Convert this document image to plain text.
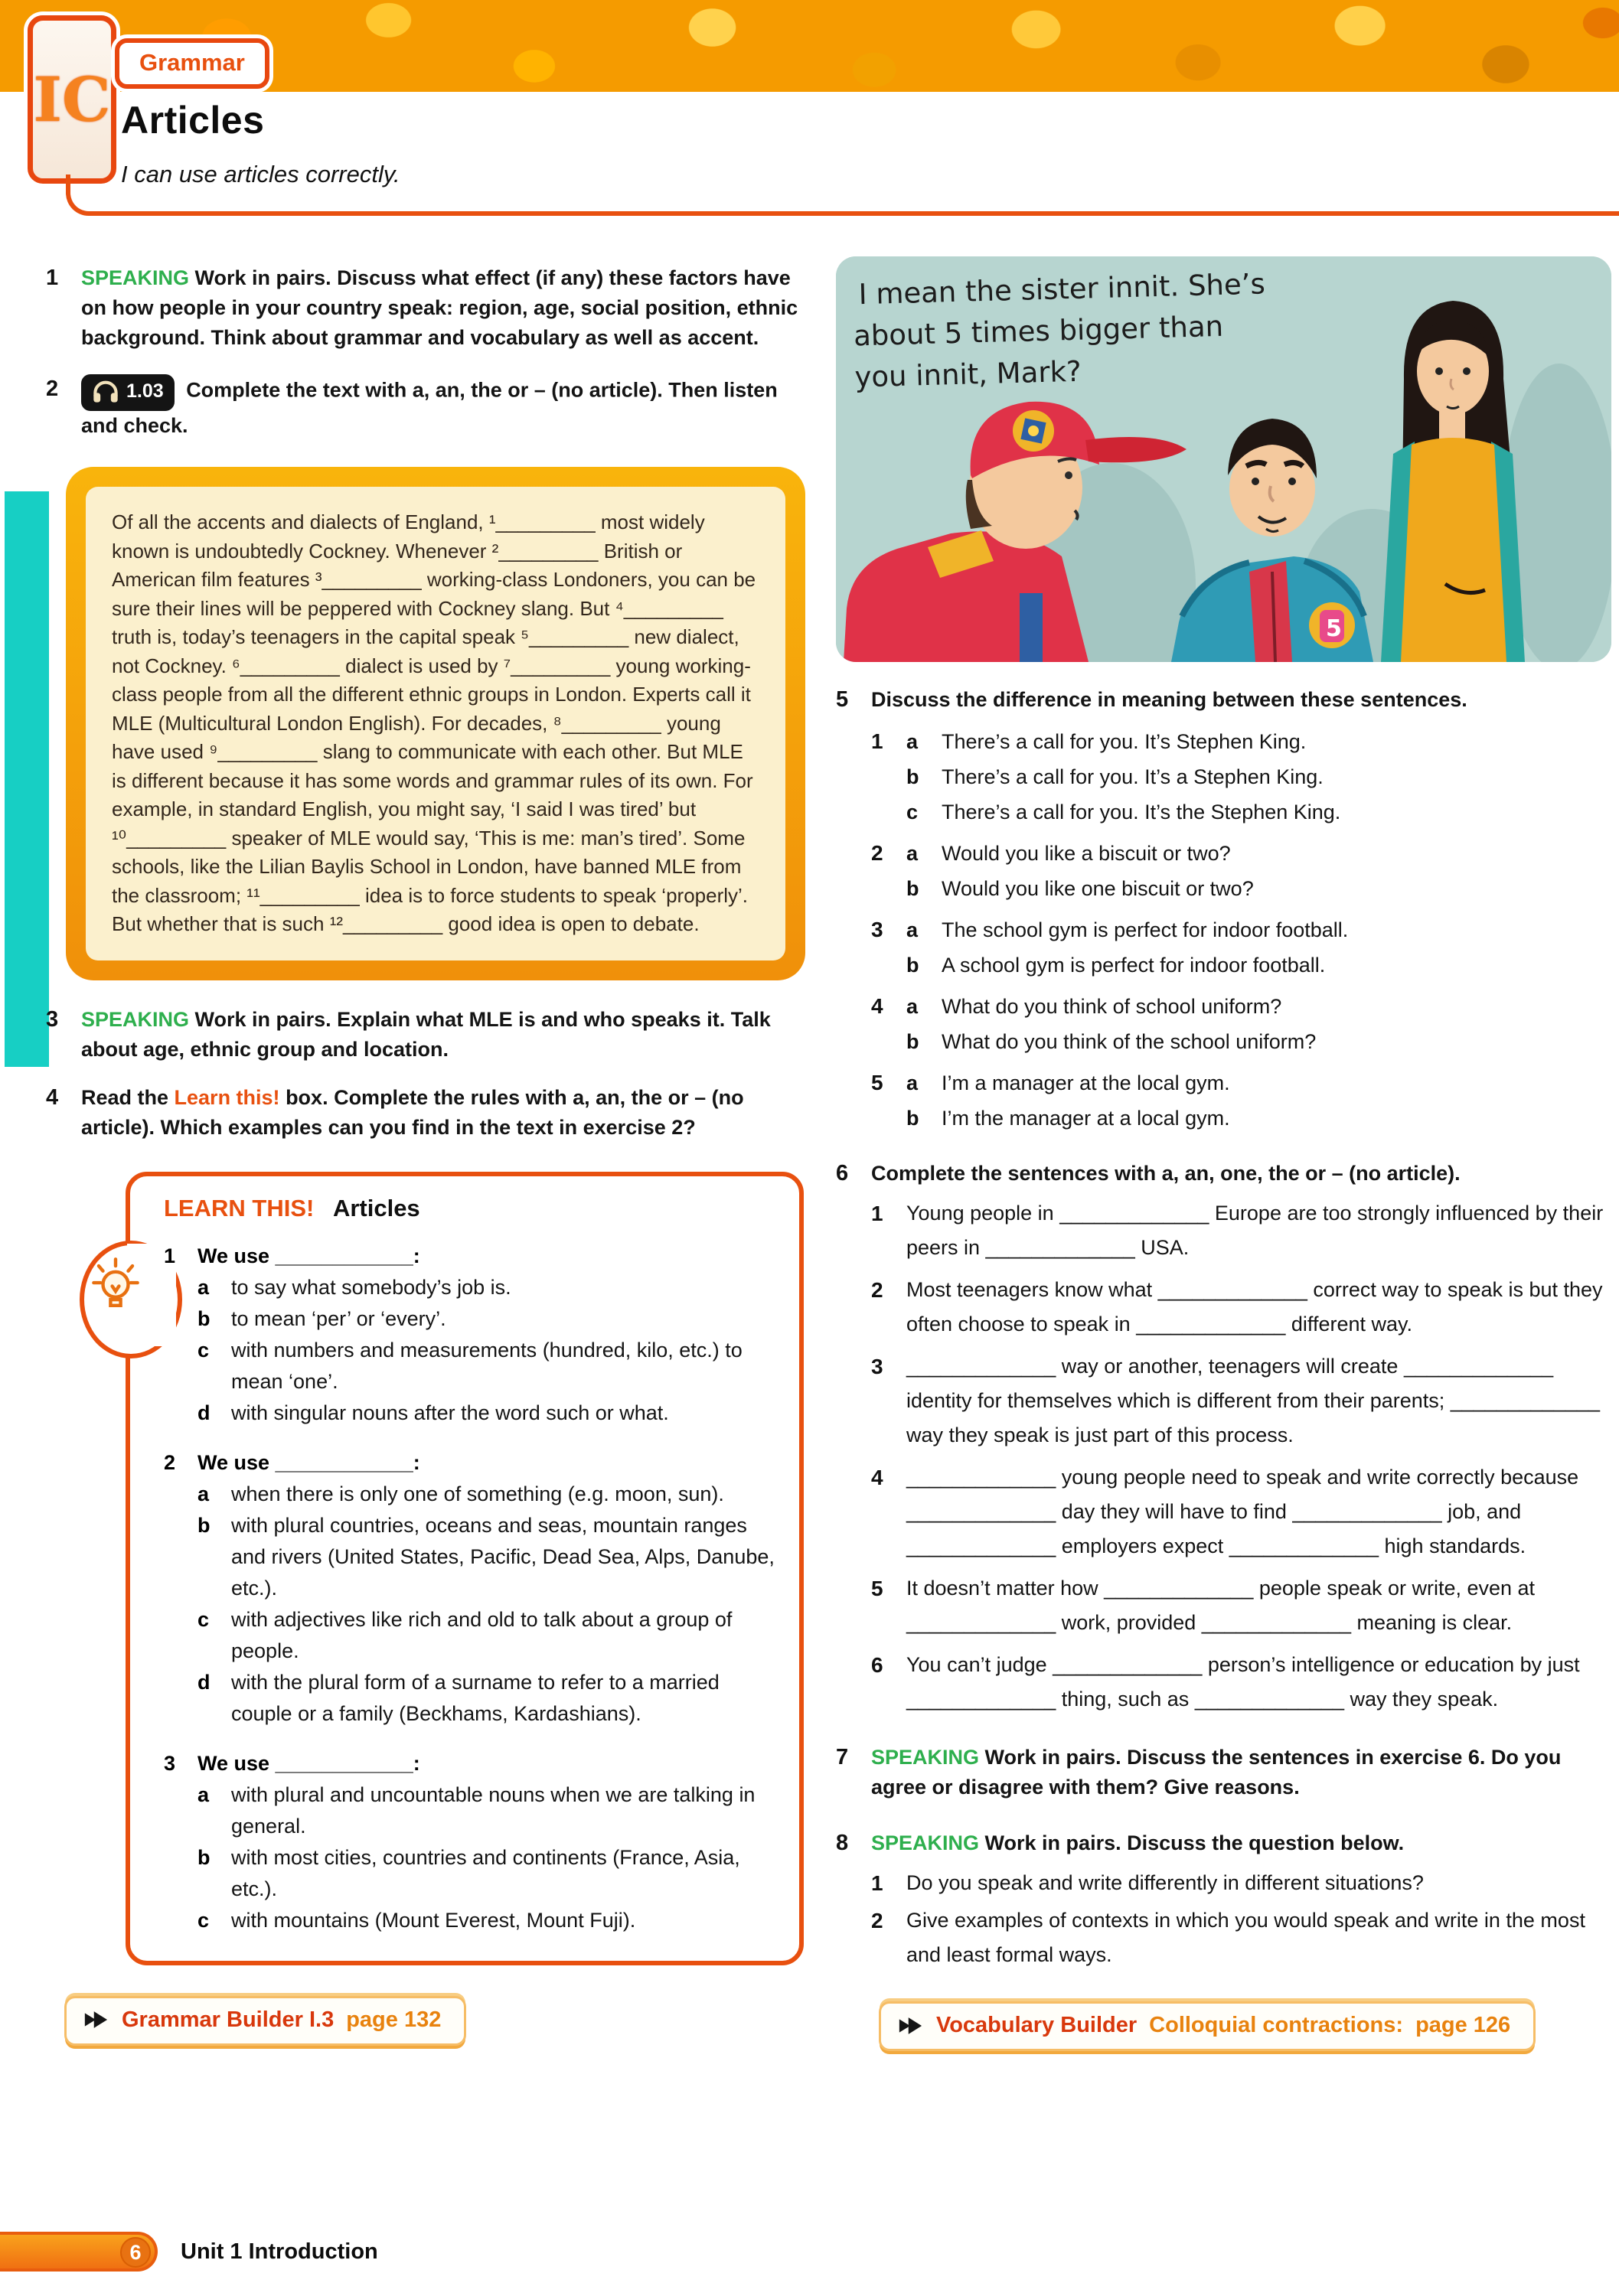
IC
Grammar
Articles
I can use articles correctly.
1	SPEAKING Work in pairs. Discuss what effect (if any) these factors have on how people in your country speak: region, age, social position, ethnic background. Think about grammar and vocabulary as well as accent.
2	1.03 Complete the text with a, an, the or – (no article). Then listen and check.
Of all the accents and dialects of England, ¹_________ most widely known is undoubtedly Cockney. Whenever ²_________ British or American film features ³_________ working-class Londoners, you can be sure their lines will be peppered with Cockney slang. But ⁴_________ truth is, today’s teenagers in the capital speak ⁵_________ new dialect, not Cockney. ⁶_________ dialect is used by ⁷_________ young working-class people from all the different ethnic groups in London. Experts call it MLE (Multicultural London English). For decades, ⁸_________ young have used ⁹_________ slang to communicate with each other. But MLE is different because it has some words and grammar rules of its own. For example, in standard English, you might say, ‘I said I was tired’ but ¹⁰_________ speaker of MLE would say, ‘This is me: man’s tired’. Some schools, like the Lilian Baylis School in London, have banned MLE from the classroom; ¹¹_________ idea is to force students to speak ‘properly’. But whether that is such ¹²_________ good idea is open to debate.
3	SPEAKING Work in pairs. Explain what MLE is and who speaks it. Talk about age, ethnic group and location.
4	Read the Learn this! box. Complete the rules with a, an, the or – (no article). Which examples can you find in the text in exercise 2?
LEARN THIS! Articles
1	We use ____________:
a	to say what somebody’s job is.
b	to mean ‘per’ or ‘every’.
c	with numbers and measurements (hundred, kilo, etc.) to mean ‘one’.
d	with singular nouns after the word such or what.
2	We use ____________:
a	when there is only one of something (e.g. moon, sun).
b	with plural countries, oceans and seas, mountain ranges and rivers (United States, Pacific, Dead Sea, Alps, Danube, etc.).
c	with adjectives like rich and old to talk about a group of people.
d	with the plural form of a surname to refer to a married couple or a family (Beckhams, Kardashians).
3	We use ____________:
a	with plural and uncountable nouns when we are talking in general.
b	with most cities, countries and continents (France, Asia, etc.).
c	with mountains (Mount Everest, Mount Fuji).
Grammar Builder I.3 page 132
5
I mean the sister innit. She’s about 5 times bigger than you innit, Mark?
5	Discuss the difference in meaning between these sentences.
1	a	There’s a call for you. It’s Stephen King.
b	There’s a call for you. It’s a Stephen King.
c	There’s a call for you. It’s the Stephen King.
2	a	Would you like a biscuit or two?
b	Would you like one biscuit or two?
3	a	The school gym is perfect for indoor football.
b	A school gym is perfect for indoor football.
4	a	What do you think of school uniform?
b	What do you think of the school uniform?
5	a	I’m a manager at the local gym.
b	I’m the manager at a local gym.
6	Complete the sentences with a, an, one, the or – (no article).
1	Young people in _____________ Europe are too strongly influenced by their peers in _____________ USA.
2	Most teenagers know what _____________ correct way to speak is but they often choose to speak in _____________ different way.
3	_____________ way or another, teenagers will create _____________ identity for themselves which is different from their parents; _____________ way they speak is just part of this process.
4	_____________ young people need to speak and write correctly because _____________ day they will have to find _____________ job, and _____________ employers expect _____________ high standards.
5	It doesn’t matter how _____________ people speak or write, even at _____________ work, provided _____________ meaning is clear.
6	You can’t judge _____________ person’s intelligence or education by just _____________ thing, such as _____________ way they speak.
7	SPEAKING Work in pairs. Discuss the sentences in exercise 6. Do you agree or disagree with them? Give reasons.
8	SPEAKING Work in pairs. Discuss the question below.
1	Do you speak and write differently in different situations?
2	Give examples of contexts in which you would speak and write in the most and least formal ways.
Vocabulary Builder Colloquial contractions: page 126
6	Unit 1 Introduction
